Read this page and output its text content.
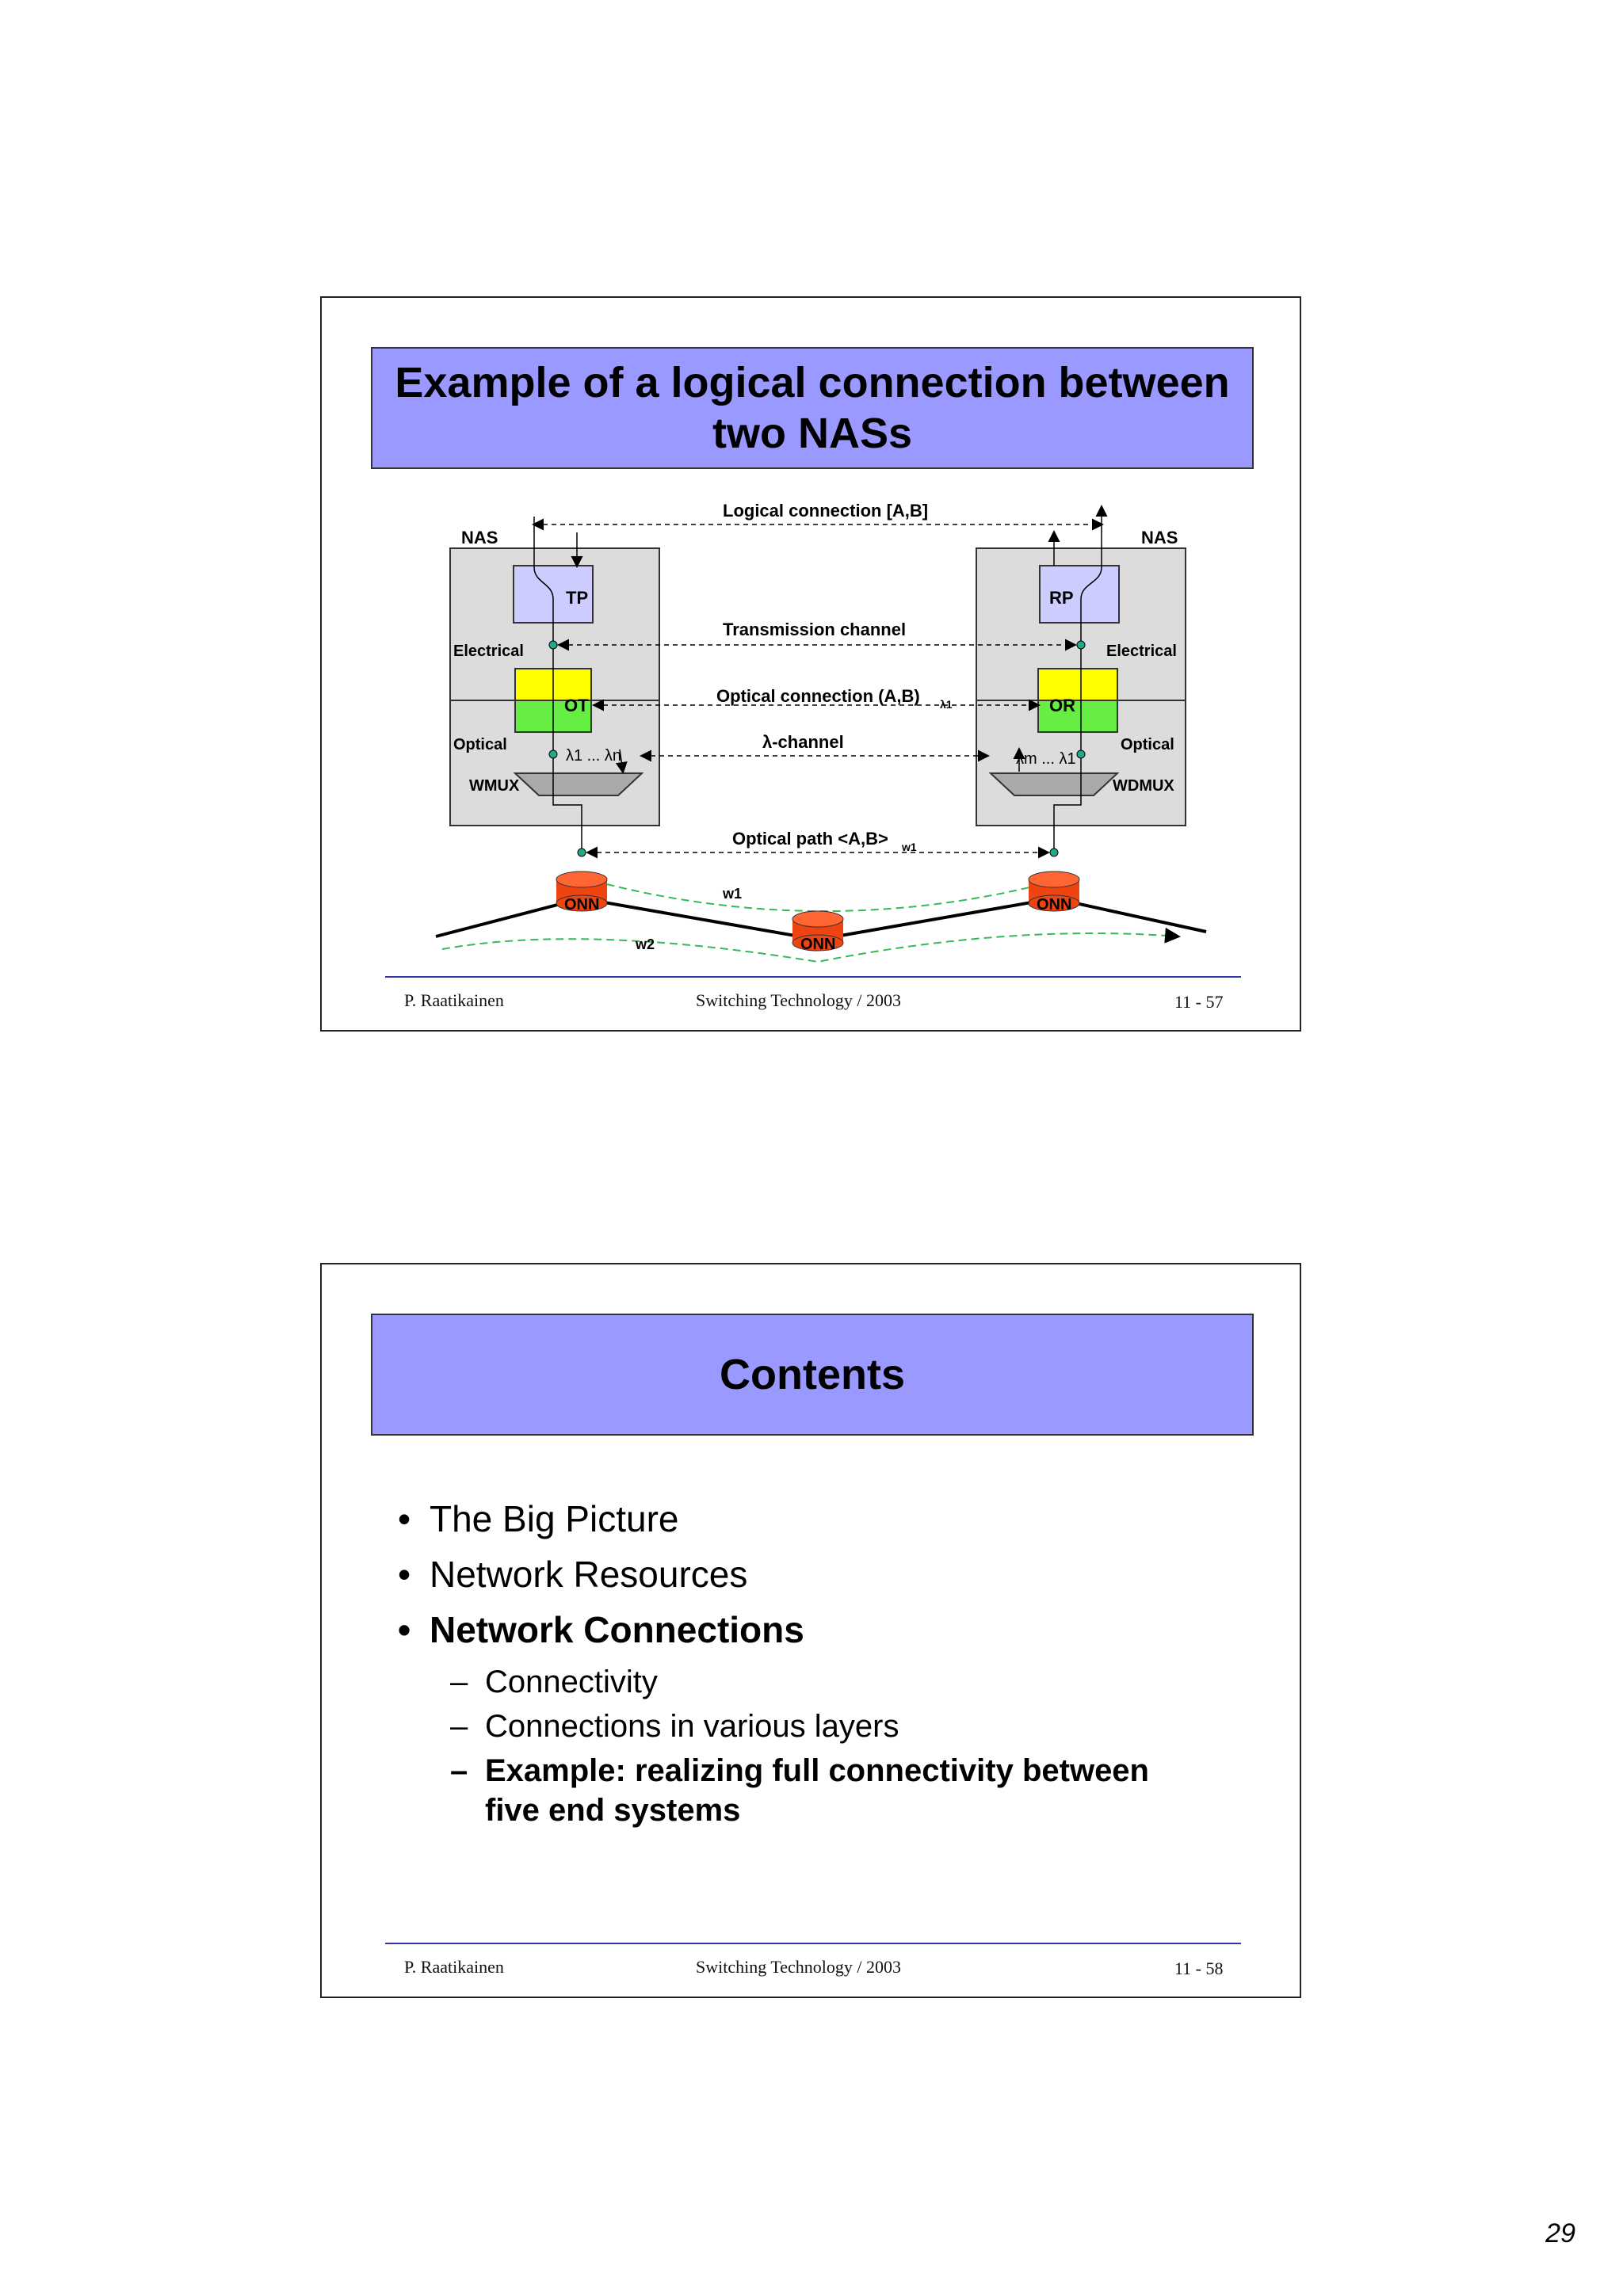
Example of a logical connection between
two NASs
Logical connection [A,B]
NAS	NAS
TP	RP
Transmission channel
Electrical	Electrical
OT	OR
Optical connection (A,B) λ1
Optical	Optical
λ-channel
WMUX	WDMUX
Optical path <A,B> w1
w1
w2
ONN
ONN
ONN
λ1 ... λn	λm ... λ1
P. Raatikainen	Switching Technology / 2003	11 - 57
Contents
• The Big Picture
• Network Resources
• Network Connections
– Connectivity
– Connections in various layers
– Example: realizing full connectivity between five end systems
P. Raatikainen	Switching Technology / 2003	11 - 58
29
